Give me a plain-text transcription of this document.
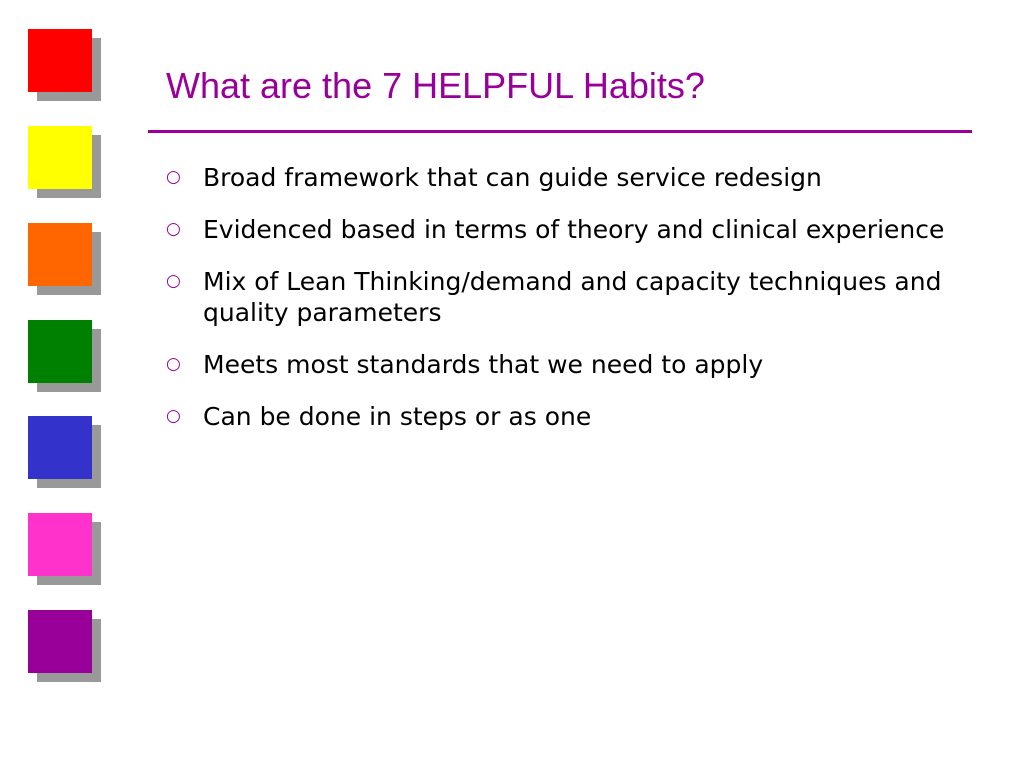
What are the 7 HELPFUL Habits?
○ Broad framework that can guide service redesign
○ Evidenced based in terms of theory and clinical experience
○ Mix of Lean Thinking/demand and capacity techniques and quality parameters
○ Meets most standards that we need to apply
○ Can be done in steps or as one
